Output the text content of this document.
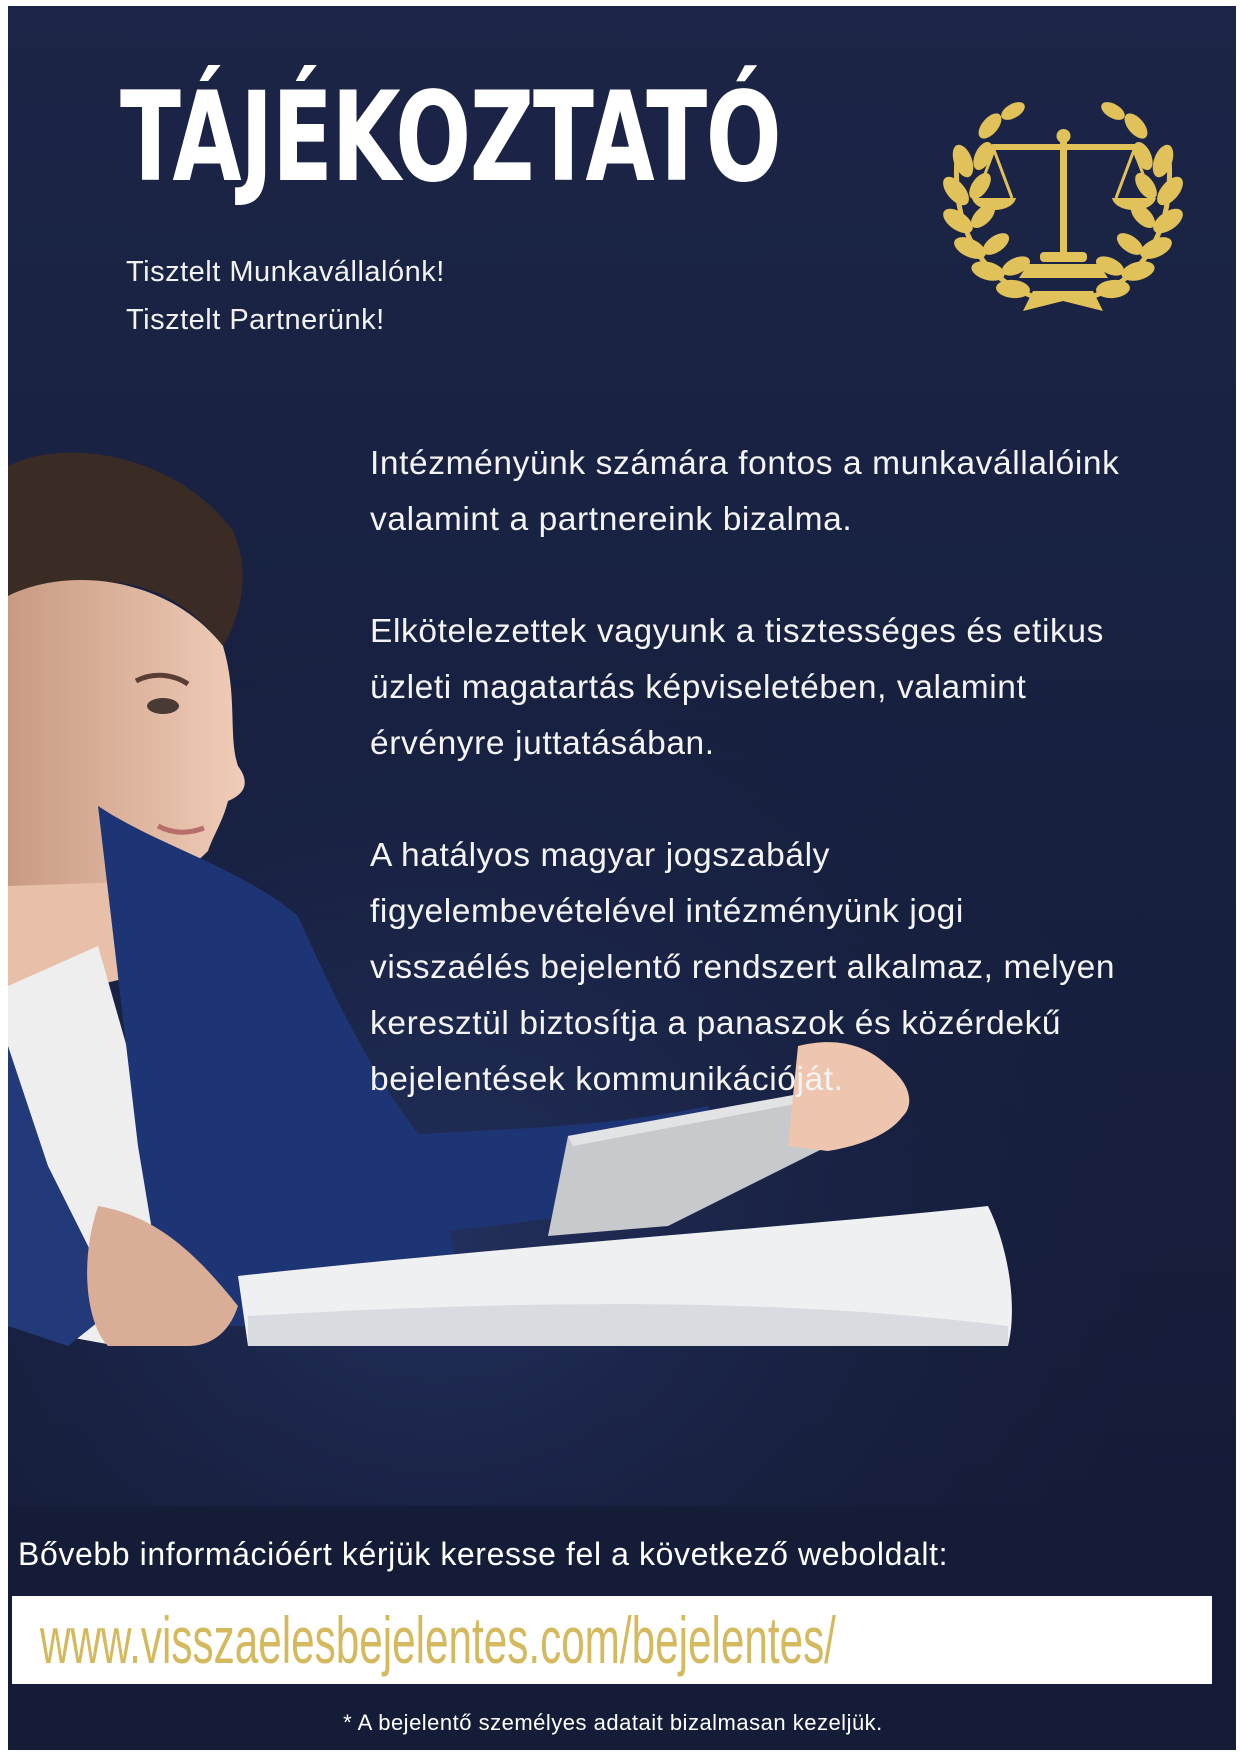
TÁJÉKOZTATÓ
Tisztelt Munkavállalónk!
Tisztelt Partnerünk!

Intézményünk számára fontos a munkavállalóink
valamint a partnereink bizalma.

Elkötelezettek vagyunk a tisztességes és etikus
üzleti magatartás képviseletében, valamint
érvényre juttatásában.

A hatályos magyar jogszabály
figyelembevételével intézményünk jogi
visszaélés bejelentő rendszert alkalmaz, melyen
keresztül biztosítja a panaszok és közérdekű
bejelentések kommunikációját.

Bővebb információért kérjük keresse fel a következő weboldalt:
www.visszaelesbejelentes.com/bejelentes/
* A bejelentő személyes adatait bizalmasan kezeljük.
